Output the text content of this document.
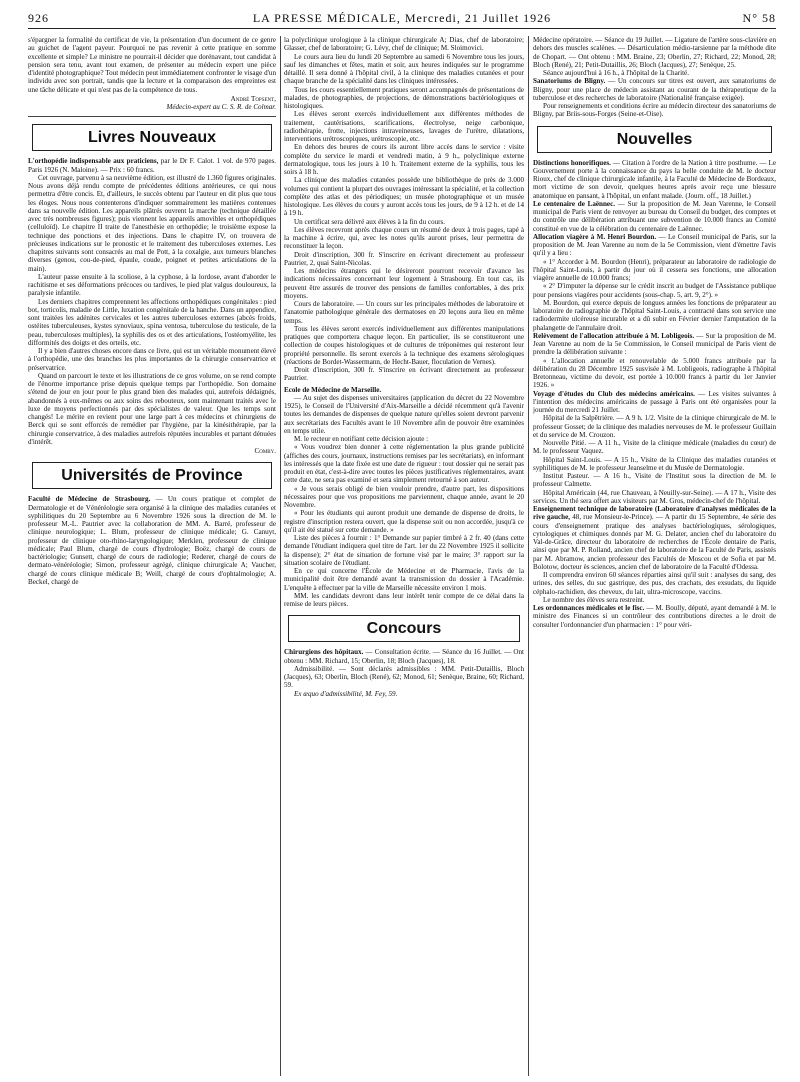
926	LA PRESSE MÉDICALE, Mercredi, 21 Juillet 1926	N° 58

s'épargner la formalité du certificat de vie, la présentation d'un document de ce genre au guichet de l'agent payeur. Pourquoi ne pas revenir à cette pratique en somme excellente et simple? Le ministre ne pourrait-il décider que dorénavant, tout candidat à pension sera tenu, avant tout examen, de présenter au médecin expert une pièce d'identité photographique? Tout médecin peut immédiatement confronter le visage d'un individu avec son portrait, tandis que la lecture et la comparaison des empreintes est une tâche délicate et qui n'est pas de la compétence de tous.

André Topsent,
Médecin-expert au C. S. R. de Colmar.
Livres Nouveaux

L'orthopédie indispensable aux praticiens, par le Dr F. Calot. 1 vol. de 970 pages. Paris 1926 (N. Maloine). — Prix : 60 francs.

Cet ouvrage, parvenu à sa neuvième édition, est illustré de 1.360 figures originales. Nous avons déjà rendu compte de précédentes éditions antérieures, ce qui nous permettra d'être concis. Et, d'ailleurs, le succès obtenu par l'auteur en dit plus que tous les éloges. Nous nous contenterons d'indiquer sommairement les matières contenues dans sa nouvelle édition. Les appareils plâtrés ouvrent la marche (technique détaillée avec très nombreuses figures); puis viennent les appareils amovibles et orthopédiques (celluloïd). Le chapitre II traite de l'anesthésie en orthopédie; le troisième expose la technique des ponctions et des injections. Dans le chapitre IV, on trouvera de précieuses indications sur le pronostic et le traitement des tuberculoses externes. Les chapitres suivants sont consacrés au mal de Pott, à la coxalgie, aux tumeurs blanches diverses (genou, cou-de-pied, épaule, coude, poignet et petites articulations de la main).

L'auteur passe ensuite à la scoliose, à la cyphose, à la lordose, avant d'aborder le rachitisme et ses déformations précoces ou tardives, le pied plat valgus douloureux, la paralysie infantile.

Les derniers chapitres comprennent les affections orthopédiques congénitales : pied bot, torticolis, maladie de Little, luxation congénitale de la hanche. Dans un appendice, sont traitées les adénites cervicales et les autres tuberculoses externes (abcès froids, ostéites tuberculeuses, kystes synoviaux, spina ventosa, tuberculose du testicule, de la peau, tuberculoses multiples), la syphilis des os et des articulations, l'ostéomyélite, les difformités des doigts et des orteils, etc.

Il y a bien d'autres choses encore dans ce livre, qui est un véritable monument élevé à l'orthopédie, une des branches les plus importantes de la chirurgie conservatrice et préservatrice.

Quand on parcourt le texte et les illustrations de ce gros volume, on se rend compte de l'énorme importance prise depuis quelque temps par l'orthopédie. Son domaine s'étend de jour en jour pour le plus grand bien des malades qui, autrefois dédaignés, abandonnés à eux-mêmes ou aux soins des rebouteux, sont maintenant traités avec le luxe de moyens perfectionnés par des spécialistes de valeur. Que les temps sont changés! Le mérite en revient pour une large part à ces médecins et chirurgiens de Berck qui se sont efforcés de remédier par l'hygiène, par la kinésithérapie, par la chirurgie conservatrice, à des maladies autrefois réputées incurables et partant dénuées d'intérêt.

Comby.
Universités de Province

Faculté de Médecine de Strasbourg. — Un cours pratique et complet de Dermatologie et de Vénéréologie sera organisé à la clinique des maladies cutanées et syphilitiques du 20 Septembre au 6 Novembre 1926 sous la direction de M. le professeur M.-L. Pautrier avec la collaboration de MM. A. Barré, professeur de clinique neurologique; L. Blum, professeur de clinique médicale; G. Canuyt, professeur de clinique oto-rhino-laryngologique; Merklen, professeur de clinique médicale; Paul Blum, chargé de cours d'hydrologie; Boëz, chargé de cours de bactériologie; Gunsett, chargé de cours de radiologie; Rederer, chargé de cours de dermato-vénéréologie; Simon, professeur agrégé, clinique chirurgicale A; Vaucher, chargé de cours clinique médicale B; Weill, chargé de cours d'ophtalmologie; A. Beckel, chargé de

la polyclinique urologique à la clinique chirurgicale A; Dias, chef de laboratoire; Glasser, chef de laboratoire; G. Lévy, chef de clinique; M. Sloimovici.

Le cours aura lieu du lundi 20 Septembre au samedi 6 Novembre tous les jours, sauf les dimanches et fêtes, matin et soir, aux heures indiquées sur le programme détaillé. Il sera donné à l'hôpital civil, à la clinique des maladies cutanées et pour chaque branche de la spécialité dans les cliniques intéressées.

Tous les cours essentiellement pratiques seront accompagnés de présentations de malades, de photographies, de projections, de démonstrations bactériologiques et histologiques.

Les élèves seront exercés individuellement aux différentes méthodes de traitement, cautérisations, scarifications, électrolyse, neige carbonique, radiothérapie, frotte, injections intraveineuses, lavages de l'urètre, dilatations, interventions urétroscopiques, urétroscopie, etc.

En dehors des heures de cours ils auront libre accès dans le service : visite complète du service le mardi et vendredi matin, à 9 h., polyclinique externe dermatologique, tous les jours à 10 h. Traitement externe de la syphilis, tous les soirs à 18 h.

La clinique des maladies cutanées possède une bibliothèque de près de 3.000 volumes qui contient la plupart des ouvrages intéressant la spécialité, et la collection complète des atlas et des périodiques; un musée photographique et un musée histologique. Les élèves du cours y auront accès tous les jours, de 9 à 12 h. et de 14 à 19 h.

Un certificat sera délivré aux élèves à la fin du cours.

Les élèves recevront après chaque cours un résumé de deux à trois pages, tapé à la machine à écrire, qui, avec les notes qu'ils auront prises, leur permettra de reconstituer la leçon.

Droit d'inscription, 300 fr. S'inscrire en écrivant directement au professeur Pautrier, 2, quai Saint-Nicolas.

Les médecins étrangers qui le désireront pourront recevoir d'avance les indications nécessaires concernant leur logement à Strasbourg. En tout cas, ils peuvent être assurés de trouver des pensions de familles confortables, à des prix moyens.

Cours de laboratoire. — Un cours sur les principales méthodes de laboratoire et l'anatomie pathologique générale des dermatoses en 20 leçons aura lieu en même temps.

Tous les élèves seront exercés individuellement aux différentes manipulations pratiques que comportera chaque leçon. En particulier, ils se constitueront une collection de coupes histologiques et de cultures de tréponèmes qui resteront leur propriété personnelle. Ils seront exercés à la technique des examens sérologiques (réactions de Bordet-Wassermann, de Hecht-Bauer, floculation de Vernes).

Droit d'inscription, 300 fr. S'inscrire en écrivant directement au professeur Pautrier.

Ecole de Médecine de Marseille.

— Au sujet des dispenses universitaires (application du décret du 22 Novembre 1925), le Conseil de l'Université d'Aix-Marseille a décidé récemment qu'à l'avenir toutes les demandes de dispenses de quelque nature qu'elles soient devront parvenir aux secrétariats des Facultés avant le 10 Novembre afin de pouvoir être examinées en temps utile.

M. le recteur en notifiant cette décision ajoute :

« Vous voudrez bien donner à cette réglementation la plus grande publicité (affiches des cours, journaux, instructions remises par les secrétariats), en informant les intéressés que la date fixée est une date de rigueur : tout dossier qui ne serait pas produit en état, c'est-à-dire avec toutes les pièces justificatives réglementaires, avant cette date, ne sera pas examiné et sera simplement retourné à son auteur.

« Je vous serais obligé de bien vouloir prendre, d'autre part, les dispositions nécessaires pour que vos propositions me parviennent, chaque année, avant le 20 Novembre.

« Pour les étudiants qui auront produit une demande de dispense de droits, le registre d'inscription restera ouvert, que la dispense soit ou non accordée, jusqu'à ce qu'il ait été statué sur cette demande. »

Liste des pièces à fournir : 1° Demande sur papier timbré à 2 fr. 40 (dans cette demande l'étudiant indiquera quel titre de l'art. 1er du 22 Novembre 1925 il sollicite la dispense); 2° état de situation de fortune visé par le maire; 3° rapport sur la situation scolaire de l'étudiant.

En ce qui concerne l'École de Médecine et de Pharmacie, l'avis de la municipalité doit être demandé avant la transmission du dossier à l'Académie. L'enquête à effectuer par la ville de Marseille nécessite environ 1 mois.

MM. les candidats devront dans leur intérêt tenir compte de ce délai dans la remise de leurs pièces.

Concours

Chirurgiens des hôpitaux. — Consultation écrite. — Séance du 16 Juillet. — Ont obtenu : MM. Richard, 15; Oberlin, 18; Bloch (Jacques), 18.

Admissibilité. — Sont déclarés admissibles : MM. Petit-Dutaillis, Bloch (Jacques), 63; Oberlin, Bloch (René), 62; Monod, 61; Senèque, Braine, 60; Richard, 59.

Ex æquo d'admissibilité, M. Fey, 59.

Médecine opératoire. — Séance du 19 Juillet. — Ligature de l'artère sous-clavière en dehors des muscles scalènes. — Désarticulation médio-tarsienne par la méthode dite de Chopart. — Ont obtenu : MM. Braine, 23; Oberlin, 27; Richard, 22; Monod, 28; Bloch (René), 21; Petit-Dutaillis, 26; Bloch (Jacques), 27; Senèque, 25.

Séance aujourd'hui à 16 h., à l'hôpital de la Charité.

Sanatoriums de Bligny. — Un concours sur titres est ouvert, aux sanatoriums de Bligny, pour une place de médecin assistant au courant de la thérapeutique de la tuberculose et des recherches de laboratoire (Nationalité française exigée).

Pour renseignements et conditions écrire au médecin directeur des sanatoriums de Bligny, par Briis-sous-Forges (Seine-et-Oise).

Nouvelles

Distinctions honorifiques. — Citation à l'ordre de la Nation à titre posthume. — Le Gouvernement porte à la connaissance du pays la belle conduite de M. le docteur Rioux, chef de clinique chirurgicale infantile, à la Faculté de Médecine de Bordeaux, mort victime de son devoir, quelques heures après avoir reçu une blessure anatomique en pansant, à l'hôpital, un enfant malade. (Journ. off., 18 Juillet.)

Le centenaire de Laënnec. — Sur la proposition de M. Jean Varenne, le Conseil municipal de Paris vient de renvoyer au bureau du Conseil du budget, des comptes et du contrôle une délibération attribuant une subvention de 10.000 francs au Comité constitué en vue de la célébration du centenaire de Laënnec.

Allocation viagère à M. Henri Bourdon. — Le Conseil municipal de Paris, sur la proposition de M. Jean Varenne au nom de la 5e Commission, vient d'émettre l'avis qu'il y a lieu :

« 1° Accorder à M. Bourdon (Henri), préparateur au laboratoire de radiologie de l'hôpital Saint-Louis, à partir du jour où il cessera ses fonctions, une allocation viagère annuelle de 10.000 francs;

« 2° D'imputer la dépense sur le crédit inscrit au budget de l'Assistance publique pour pensions viagères pour accidents (sous-chap. 5, art. 9, 2°). »

M. Bourdon, qui exerce depuis de longues années les fonctions de préparateur au laboratoire de radiographie de l'hôpital Saint-Louis, a contracté dans son service une radiodermite ulcéreuse incurable et a dû subir en Février dernier l'amputation de la phalangette de l'annulaire droit.

Relèvement de l'allocation attribuée à M. Lobligeois. — Sur la proposition de M. Jean Varenne au nom de la 5e Commission, le Conseil municipal de Paris vient de prendre la délibération suivante :

« L'allocation annuelle et renouvelable de 5.000 francs attribuée par la délibération du 28 Décembre 1925 susvisée à M. Lobligeois, radiographe à l'hôpital Bretonneau, victime du devoir, est portée à 10.000 francs à partir du 1er Janvier 1926. »

Voyage d'études du Club des médecins américains. — Les visites suivantes à l'intention des médecins américains de passage à Paris ont été organisées pour la journée du mercredi 21 Juillet.

Hôpital de la Salpêtrière. — A 9 h. 1/2. Visite de la clinique chirurgicale de M. le professeur Gosset; de la clinique des maladies nerveuses de M. le professeur Guillain et du service de M. Crouzon.

Nouvelle Pitié. — A 11 h., Visite de la clinique médicale (maladies du cœur) de M. le professeur Vaquez.

Hôpital Saint-Louis. — A 15 h., Visite de la Clinique des maladies cutanées et syphilitiques de M. le professeur Jeanselme et du Musée de Dermatologie.

Institut Pasteur. — A 16 h., Visite de l'Institut sous la direction de M. le professeur Calmette.

Hôpital Américain (44, rue Chauveau, à Neuilly-sur-Seine). — A 17 h., Visite des services. Un thé sera offert aux visiteurs par M. Gros, médecin-chef de l'hôpital.

Enseignement technique de laboratoire (Laboratoire d'analyses médicales de la rive gauche, 48, rue Monsieur-le-Prince). — A partir du 15 Septembre, 4e série des cours d'enseignement pratique des analyses bactériologiques, sérologiques, cytologiques et chimiques donnés par M. G. Delater, ancien chef du laboratoire du Val-de-Grâce, directeur du laboratoire de recherches de l'École dentaire de Paris, ainsi que par M. P. Rolland, ancien chef de laboratoire de la Faculté de Paris, assistés par M. Abramow, ancien professeur des Facultés de Moscou et de Sofia et par M. Bolotow, docteur ès sciences, ancien chef de laboratoire de la Faculté d'Odessa.

Il comprendra environ 60 séances réparties ainsi qu'il suit : analyses du sang, des urines, des selles, du suc gastrique, des pus, des crachats, des exsudats, du liquide céphalo-rachidien, des cheveux, du lait, ultra-microscope, vaccins.

Le nombre des élèves sera restreint.

Les ordonnances médicales et le fisc. — M. Boully, député, ayant demandé à M. le ministre des Finances si un contrôleur des contributions directes a le droit de consulter l'ordonnancier d'un pharmacien : 1° pour véri-
